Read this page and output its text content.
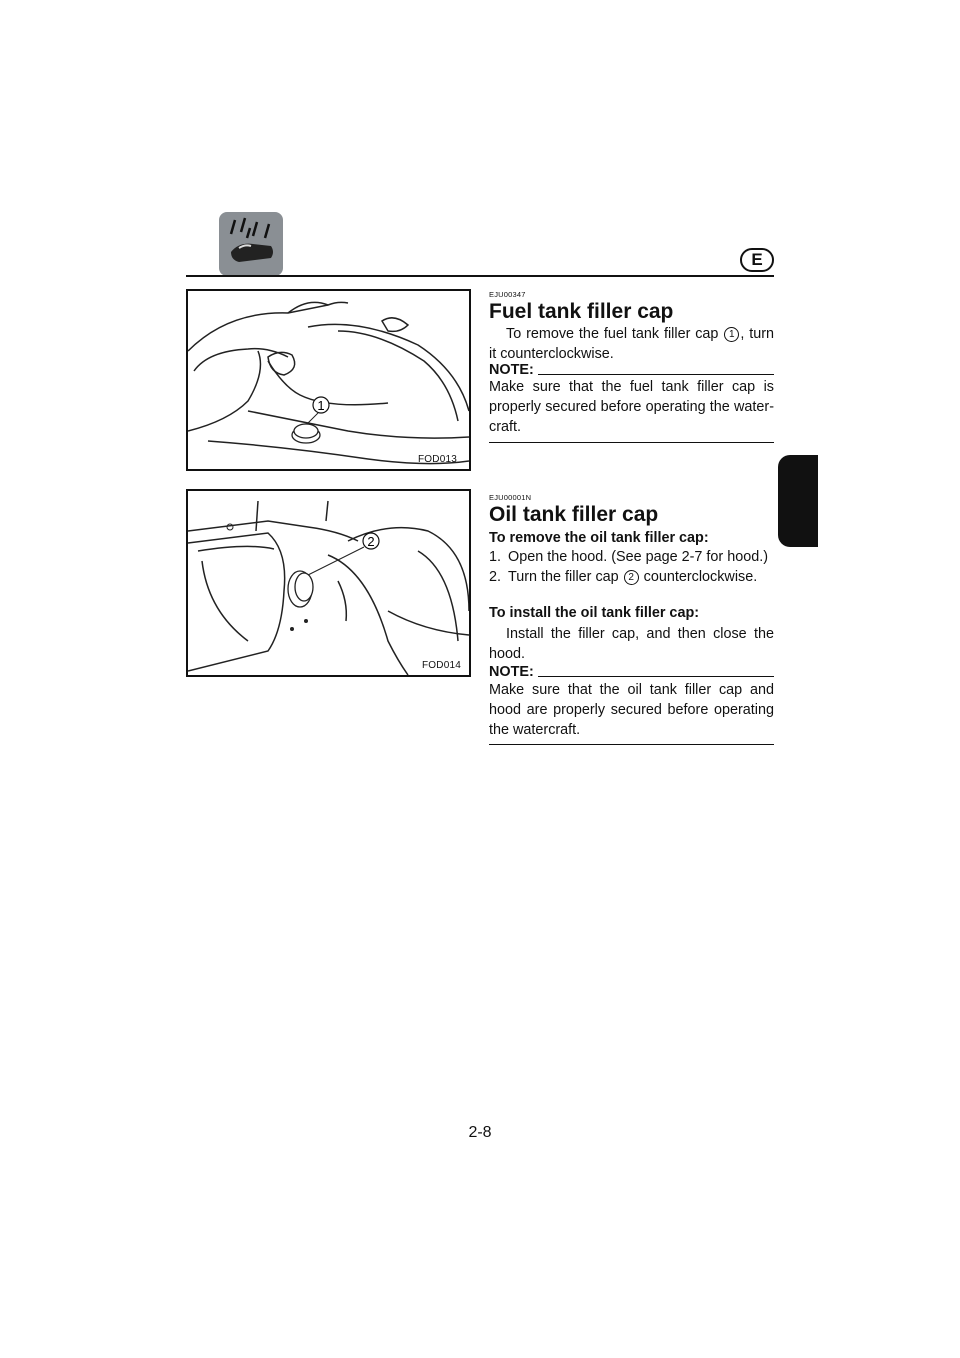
E
1
FOD013
2
FOD014
EJU00347
Fuel tank filler cap
To remove the fuel tank filler cap 1 , turn it counterclockwise.
NOTE:
Make sure that the fuel tank filler cap is properly secured before operating the water-craft.
EJU00001N
Oil tank filler cap
To remove the oil tank filler cap:
1. Open the hood. (See page 2-7 for hood.)
2. Turn the filler cap 2 counterclockwise.
To install the oil tank filler cap:
Install the filler cap, and then close the hood.
NOTE:
Make sure that the oil tank filler cap and hood are properly secured before operating the watercraft.
2-8
